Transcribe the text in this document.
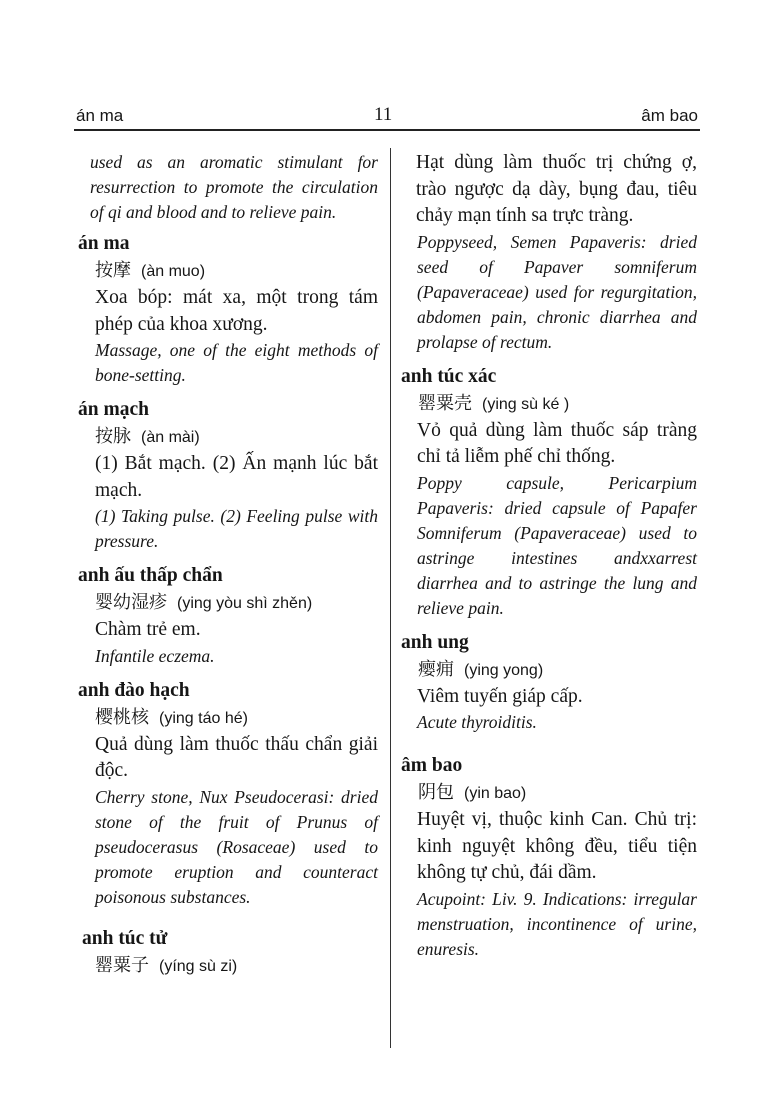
án ma	11	âm bao

used as an aromatic stimulant for resurrection to promote the circulation of qi and blood and to relieve pain.

án ma

按摩 (àn muo)

Xoa bóp: mát xa, một trong tám phép của khoa xương.

Massage, one of the eight methods of bone-setting.

án mạch

按脉 (àn mài)

(1) Bắt mạch. (2) Ấn mạnh lúc bắt mạch.

(1) Taking pulse. (2) Feeling pulse with pressure.

anh ấu thấp chẩn

婴幼湿疹 (ying yòu shì zhěn)

Chàm trẻ em.

Infantile eczema.

anh đào hạch

樱桃核 (ying táo hé)

Quả dùng làm thuốc thấu chẩn giải độc.

Cherry stone, Nux Pseudocerasi: dried stone of the fruit of Prunus of pseudocerasus (Rosaceae) used to promote eruption and counteract poisonous substances.

anh túc tử

罂粟子 (yíng sù zi)

Hạt dùng làm thuốc trị chứng ợ, trào ngược dạ dày, bụng đau, tiêu chảy mạn tính sa trực tràng.

Poppyseed, Semen Papaveris: dried seed of Papaver somniferum (Papaveraceae) used for regurgitation, abdomen pain, chronic diarrhea and prolapse of rectum.

anh túc xác

罂粟壳 (ying sù ké )

Vỏ quả dùng làm thuốc sáp tràng chỉ tả liễm phế chỉ thống.

Poppy capsule, Pericarpium Papaveris: dried capsule of Papafer Somniferum (Papaveraceae) used to astringe intestines andxxarrest diarrhea and to astringe the lung and relieve pain.

anh ung

瘿痈 (ying yong)

Viêm tuyến giáp cấp.

Acute thyroiditis.

âm bao

阴包 (yin bao)

Huyệt vị, thuộc kinh Can. Chủ trị: kinh nguyệt không đều, tiểu tiện không tự chủ, đái dầm.

Acupoint: Liv. 9. Indications: irregular menstruation, incontinence of urine, enuresis.
